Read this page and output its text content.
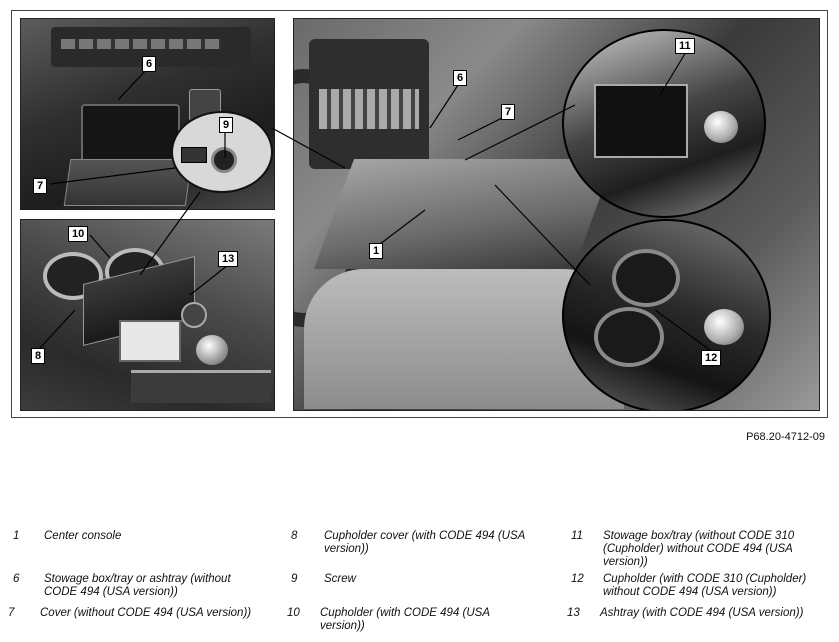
6
7
9
10
13
8
1
6
7
11
12
P68.20-4712-09
1 Center console
6 Stowage box/tray or ashtray (without CODE 494 (USA version))
7 Cover (without CODE 494 (USA version))
8 Cupholder cover (with CODE 494 (USA version))
9 Screw
10 Cupholder (with CODE 494 (USA version))
11 Stowage box/tray (without CODE 310 (Cupholder) without CODE 494 (USA version))
12 Cupholder (with CODE 310 (Cupholder) without CODE 494 (USA version))
13 Ashtray (with CODE 494 (USA version))
